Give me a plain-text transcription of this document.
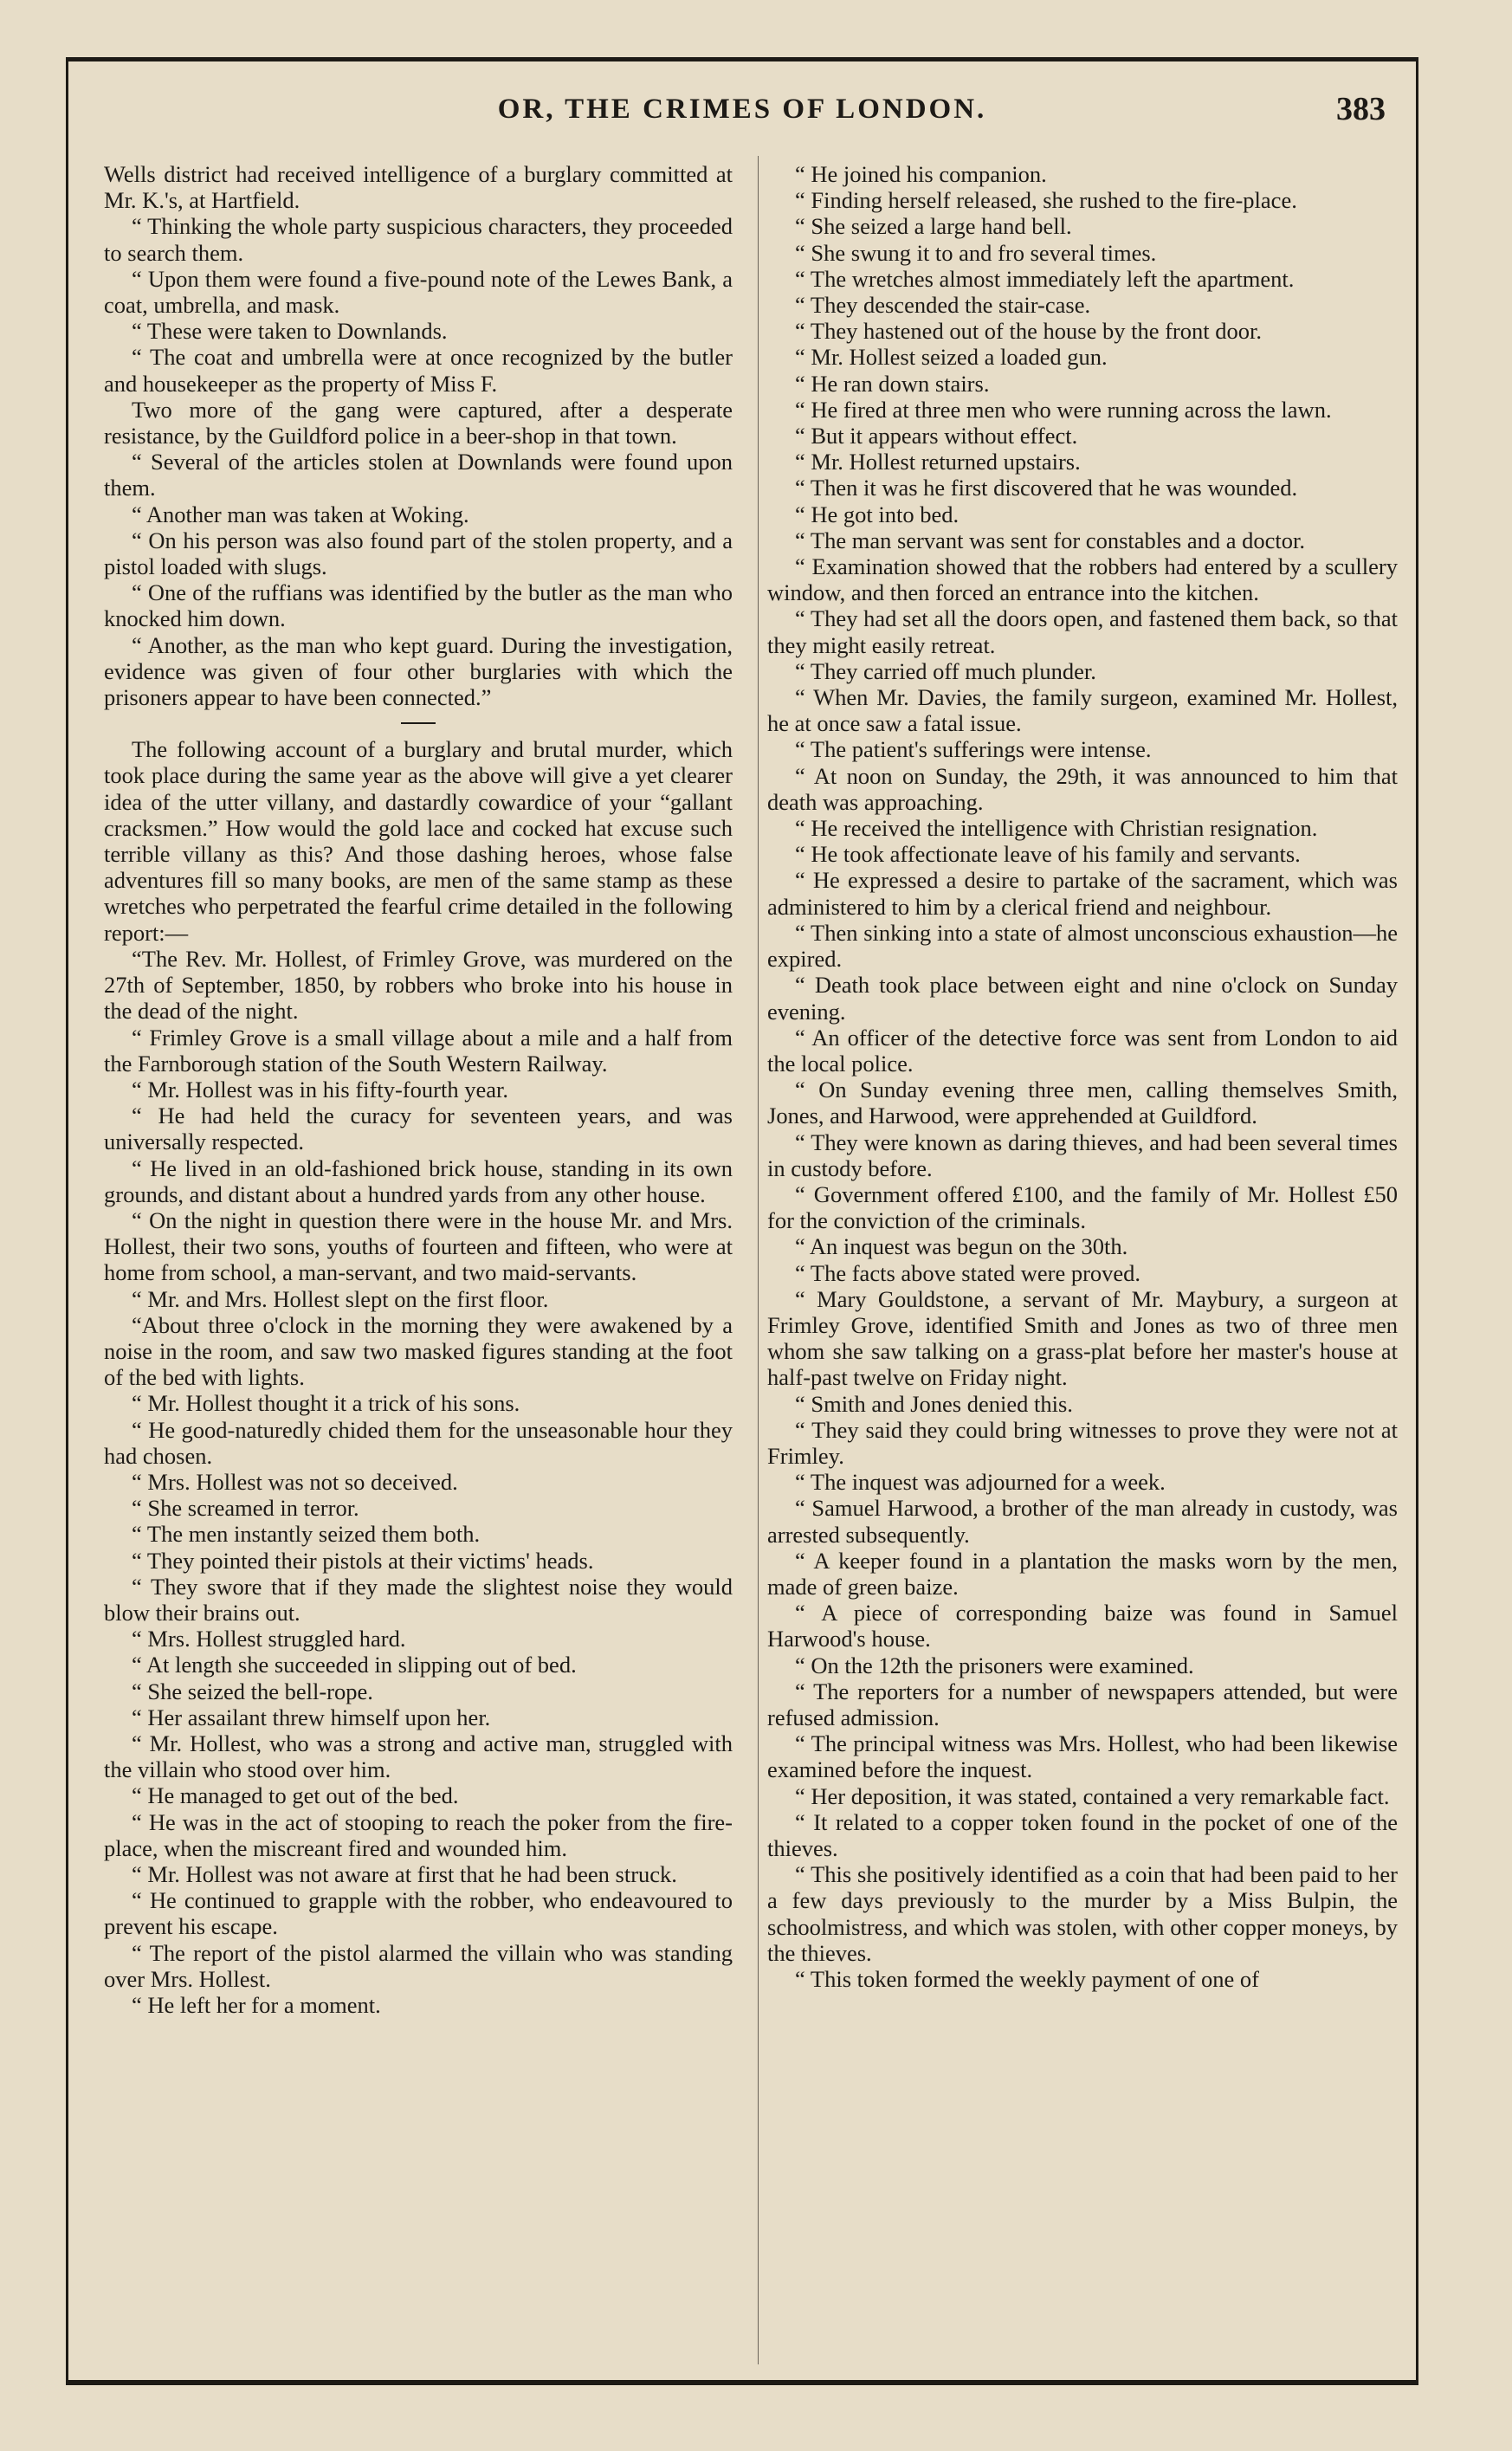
OR, THE CRIMES OF LONDON.	383

Wells district had received intelligence of a burglary committed at Mr. K.'s, at Hartfield.

“ Thinking the whole party suspicious characters, they proceeded to search them.

“ Upon them were found a five-pound note of the Lewes Bank, a coat, umbrella, and mask.

“ These were taken to Downlands.

“ The coat and umbrella were at once recognized by the butler and housekeeper as the property of Miss F.

Two more of the gang were captured, after a desperate resistance, by the Guildford police in a beer-shop in that town.

“ Several of the articles stolen at Downlands were found upon them.

“ Another man was taken at Woking.

“ On his person was also found part of the stolen property, and a pistol loaded with slugs.

“ One of the ruffians was identified by the butler as the man who knocked him down.

“ Another, as the man who kept guard. During the investigation, evidence was given of four other burglaries with which the prisoners appear to have been connected.”

The following account of a burglary and brutal murder, which took place during the same year as the above will give a yet clearer idea of the utter villany, and dastardly cowardice of your “gallant cracksmen.” How would the gold lace and cocked hat excuse such terrible villany as this? And those dashing heroes, whose false adventures fill so many books, are men of the same stamp as these wretches who perpetrated the fearful crime detailed in the following report:—

“The Rev. Mr. Hollest, of Frimley Grove, was murdered on the 27th of September, 1850, by robbers who broke into his house in the dead of the night.

“ Frimley Grove is a small village about a mile and a half from the Farnborough station of the South Western Railway.

“ Mr. Hollest was in his fifty-fourth year.

“ He had held the curacy for seventeen years, and was universally respected.

“ He lived in an old-fashioned brick house, standing in its own grounds, and distant about a hundred yards from any other house.

“ On the night in question there were in the house Mr. and Mrs. Hollest, their two sons, youths of fourteen and fifteen, who were at home from school, a man-servant, and two maid-servants.

“ Mr. and Mrs. Hollest slept on the first floor.

“About three o'clock in the morning they were awakened by a noise in the room, and saw two masked figures standing at the foot of the bed with lights.

“ Mr. Hollest thought it a trick of his sons.

“ He good-naturedly chided them for the unseasonable hour they had chosen.

“ Mrs. Hollest was not so deceived.

“ She screamed in terror.

“ The men instantly seized them both.

“ They pointed their pistols at their victims' heads.

“ They swore that if they made the slightest noise they would blow their brains out.

“ Mrs. Hollest struggled hard.

“ At length she succeeded in slipping out of bed.

“ She seized the bell-rope.

“ Her assailant threw himself upon her.

“ Mr. Hollest, who was a strong and active man, struggled with the villain who stood over him.

“ He managed to get out of the bed.

“ He was in the act of stooping to reach the poker from the fire-place, when the miscreant fired and wounded him.

“ Mr. Hollest was not aware at first that he had been struck.

“ He continued to grapple with the robber, who endeavoured to prevent his escape.

“ The report of the pistol alarmed the villain who was standing over Mrs. Hollest.

“ He left her for a moment.

“ He joined his companion.

“ Finding herself released, she rushed to the fire-place.

“ She seized a large hand bell.

“ She swung it to and fro several times.

“ The wretches almost immediately left the apartment.

“ They descended the stair-case.

“ They hastened out of the house by the front door.

“ Mr. Hollest seized a loaded gun.

“ He ran down stairs.

“ He fired at three men who were running across the lawn.

“ But it appears without effect.

“ Mr. Hollest returned upstairs.

“ Then it was he first discovered that he was wounded.

“ He got into bed.

“ The man servant was sent for constables and a doctor.

“ Examination showed that the robbers had entered by a scullery window, and then forced an entrance into the kitchen.

“ They had set all the doors open, and fastened them back, so that they might easily retreat.

“ They carried off much plunder.

“ When Mr. Davies, the family surgeon, examined Mr. Hollest, he at once saw a fatal issue.

“ The patient's sufferings were intense.

“ At noon on Sunday, the 29th, it was announced to him that death was approaching.

“ He received the intelligence with Christian resignation.

“ He took affectionate leave of his family and servants.

“ He expressed a desire to partake of the sacrament, which was administered to him by a clerical friend and neighbour.

“ Then sinking into a state of almost unconscious exhaustion—he expired.

“ Death took place between eight and nine o'clock on Sunday evening.

“ An officer of the detective force was sent from London to aid the local police.

“ On Sunday evening three men, calling themselves Smith, Jones, and Harwood, were apprehended at Guildford.

“ They were known as daring thieves, and had been several times in custody before.

“ Government offered £100, and the family of Mr. Hollest £50 for the conviction of the criminals.

“ An inquest was begun on the 30th.

“ The facts above stated were proved.

“ Mary Gouldstone, a servant of Mr. Maybury, a surgeon at Frimley Grove, identified Smith and Jones as two of three men whom she saw talking on a grass-plat before her master's house at half-past twelve on Friday night.

“ Smith and Jones denied this.

“ They said they could bring witnesses to prove they were not at Frimley.

“ The inquest was adjourned for a week.

“ Samuel Harwood, a brother of the man already in custody, was arrested subsequently.

“ A keeper found in a plantation the masks worn by the men, made of green baize.

“ A piece of corresponding baize was found in Samuel Harwood's house.

“ On the 12th the prisoners were examined.

“ The reporters for a number of newspapers attended, but were refused admission.

“ The principal witness was Mrs. Hollest, who had been likewise examined before the inquest.

“ Her deposition, it was stated, contained a very remarkable fact.

“ It related to a copper token found in the pocket of one of the thieves.

“ This she positively identified as a coin that had been paid to her a few days previously to the murder by a Miss Bulpin, the schoolmistress, and which was stolen, with other copper moneys, by the thieves.

“ This token formed the weekly payment of one of
